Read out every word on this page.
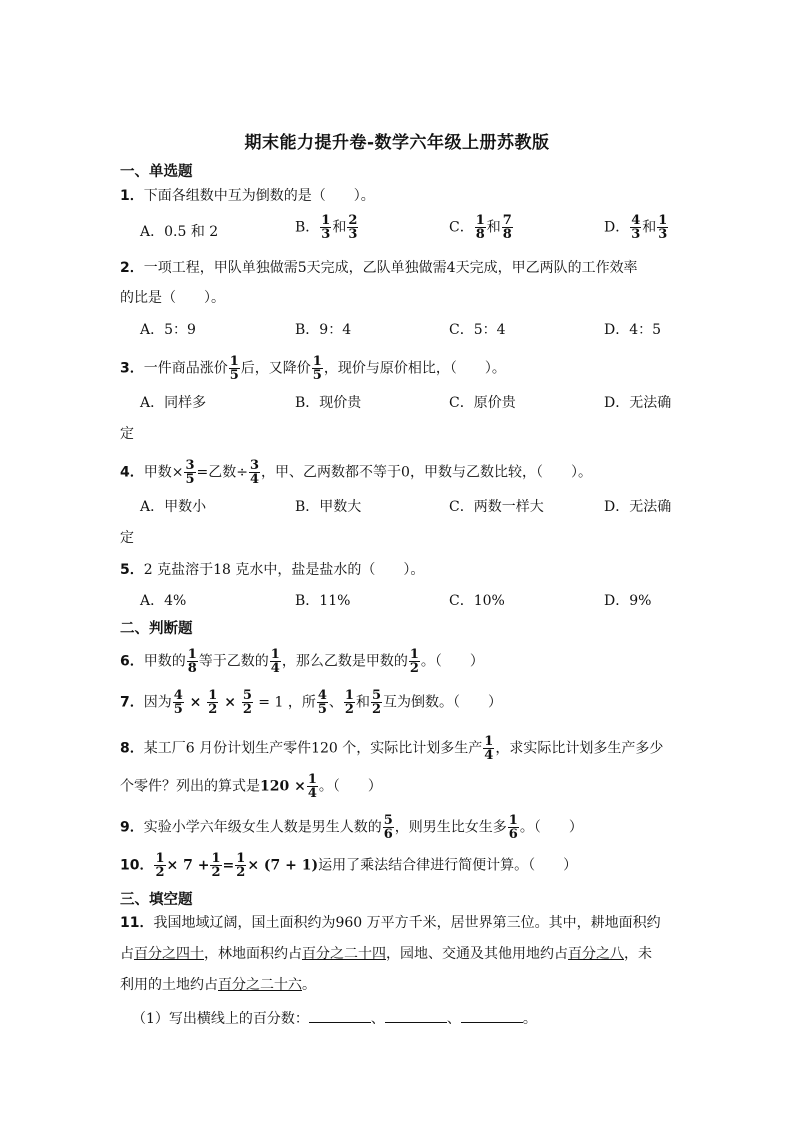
期末能力提升卷-数学六年级上册苏教版
一、单选题
1．下面各组数中互为倒数的是（　　）。
A．0.5 和 2	B． $\frac{1}{3}$ 和 $\frac{2}{3}$	C． $\frac{1}{8}$ 和 $\frac{7}{8}$	D． $\frac{4}{3}$ 和 $\frac{1}{3}$
2．一项工程，甲队单独做需5天完成，乙队单独做需4天完成，甲乙两队的工作效率
的比是（　　）。
A．5：9	B．9：4	C．5：4	D．4：5
3．一件商品涨价 $\frac{1}{5}$ 后，又降价 $\frac{1}{5}$ ，现价与原价相比，（　　）。
A．同样多	B．现价贵	C．原价贵	D．无法确
定
4．甲数× $\frac{3}{5}$ =乙数÷ $\frac{3}{4}$ ，甲、乙两数都不等于0，甲数与乙数比较，（　　）。
A．甲数小	B．甲数大	C．两数一样大	D．无法确
定
5．2 克盐溶于18 克水中，盐是盐水的（　　）。
A．4%	B．11%	C．10%	D．9%
二、判断题
6．甲数的 $\frac{1}{8}$ 等于乙数的 $\frac{1}{4}$ ，那么乙数是甲数的 $\frac{1}{2}$ 。（　　）
7．因为 $\frac{4}{5} \times \frac{1}{2} \times \frac{5}{2} = 1$ ，所 $\frac{4}{5}$ 、 $\frac{1}{2}$ 和 $\frac{5}{2}$ 互为倒数。（　　）
8．某工厂6 月份计划生产零件120 个，实际比计划多生产 $\frac{1}{4}$ ，求实际比计划多生产多少
个零件？列出的算式是$120 \times \frac{1}{4}$ 。（　　）
9．实验小学六年级女生人数是男生人数的 $\frac{5}{6}$ ，则男生比女生多 $\frac{1}{6}$ 。（　　）
10． $\frac{1}{2} \times 7 + \frac{1}{2} = \frac{1}{2} \times (7 + 1)$运用了乘法结合律进行简便计算。（　　）
三、填空题
11．我国地域辽阔，国土面积约为960 万平方千米，居世界第三位。其中，耕地面积约
占百分之四十，林地面积约占百分之二十四，园地、交通及其他用地约占百分之八，未
利用的土地约占百分之二十六。
（1）写出横线上的百分数：	、	、	。
